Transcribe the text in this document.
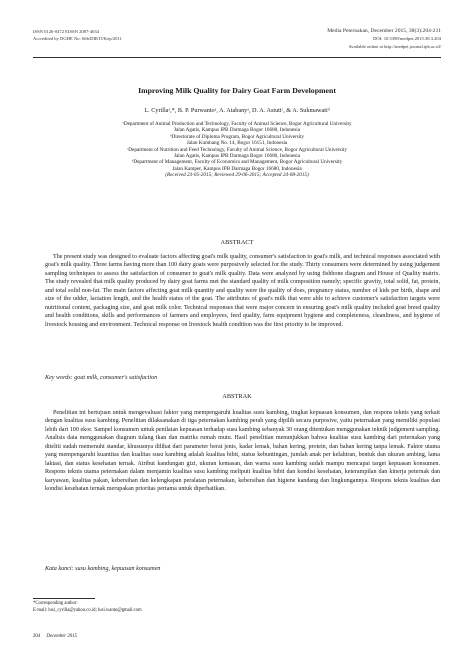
ISSN 0126-0472 EISSN 2087-4634
Accredited by DGHE No: 66b/DIKTI/Kep/2011
Media Peternakan, December 2015, 38(3):204-211
DOI: 10.5398/medpet.2015.38.3.204
Available online at http://medpet.journal.ipb.ac.id/
Improving Milk Quality for Dairy Goat Farm Development
L. Cyrillaᵃ,*, B. P. Purwantoᵃ, A. Atabanyᵃ, D. A. Astutiᶜ, & A. Sukmawatiᵈ
ᵃDepartment of Animal Production and Technology, Faculty of Animal Science, Bogor Agricultural University
Jalan Agatis, Kampus IPB Darmaga Bogor 16680, Indonesia
ᵇDirectorate of Diploma Program, Bogor Agricultural University
Jalan Kumbang No. 14, Bogor 16151, Indonesia
ᶜDepartment of Nutrition and Feed Technology, Faculty of Animal Science, Bogor Agricultural University
Jalan Agatis, Kampus IPB Darmaga Bogor 16680, Indonesia
ᵈDepartment of Management, Faculty of Economics and Management, Bogor Agricultural University
Jalan Kamper, Kampus IPB Darmaga Bogor 16680, Indonesia
(Received 23-05-2015; Reviewed 29-06-2015; Accepted 24-08-2015)
ABSTRACT
The present study was designed to evaluate factors affecting goat's milk quality, consumer's satisfaction to goat's milk, and technical responses associated with goat's milk quality. Three farms having more than 100 dairy goats were purposively selected for the study. Thirty consumers were determined by using judgement sampling techniques to assess the satisfaction of consumer to goat's milk quality. Data were analyzed by using fishbone diagram and House of Quality matrix. The study revealed that milk quality produced by dairy goat farms met the standard quality of milk composition namely; specific gravity, total solid, fat, protein, and total solid non-fat. The main factors affecting goat milk quantity and quality were the quality of does, pregnancy status, number of kids per birth, shape and size of the udder, lactation length, and the health status of the goat. The attributes of goat's milk that were able to achieve customer's satisfaction targets were nutritional content, packaging size, and goat milk color. Technical responses that were major concern in ensuring goat's milk quality included goat breed quality and health conditions, skills and performances of farmers and employees, feed quality, farm equipment hygiene and completeness, cleanliness, and hygiene of livestock housing and environment. Technical response on livestock health condition was the first priority to be improved.
Key words: goat milk, consumer's satisfaction
ABSTRAK
Penelitian ini bertujuan untuk mengevaluasi faktor yang mempengaruhi kualitas susu kambing, tingkat kepuasan konsumen, dan respons teknis yang terkait dengan kualitas susu kambing. Penelitian dilaksanakan di tiga peternakan kambing perah yang dipilih secara purposive, yaitu peternakan yang memiliki populasi lebih dari 100 ekor. Sampel konsumen untuk penilaian kepuasan terhadap susu kambing sebanyak 30 orang ditentukan menggunakan teknik judgement sampling. Analisis data menggunakan diagram tulang ikan dan matriks rumah mutu. Hasil penelitian menunjukkan bahwa kualitas susu kambing dari peternakan yang diteliti sudah memenuhi standar, khususnya dilihat dari parameter berat jenis, kadar lemak, bahan kering, protein, dan bahan kering tanpa lemak. Faktor utama yang mempengaruhi kuantitas dan kualitas susu kambing adalah kualitas bibit, status kebuntingan, jumlah anak per kelahiran, bentuk dan ukuran ambing, lama laktasi, dan status kesehatan ternak. Atribut kandungan gizi, ukuran kemasan, dan warna susu kambing sudah mampu mencapai target kepuasan konsumen. Respons teknis utama peternakan dalam menjamin kualitas susu kambing meliputi kualitas bibit dan kondisi kesehatan, keterampilan dan kinerja peternak dan karyawan, kualitas pakan, kebersihan dan kelengkapan peralatan peternakan, kebersihan dan higiene kandang dan lingkungannya. Respons teknis kualitas dan kondisi kesehatan ternak merupakan prioritas pertama untuk diperhatikan.
Kata kunci: susu kambing, kepuasan konsumen
*Corresponding author:
E-mail: lusi_cyrilla@yahoo.co.id; lusi.wanto@gmail.com
204 December 2015
